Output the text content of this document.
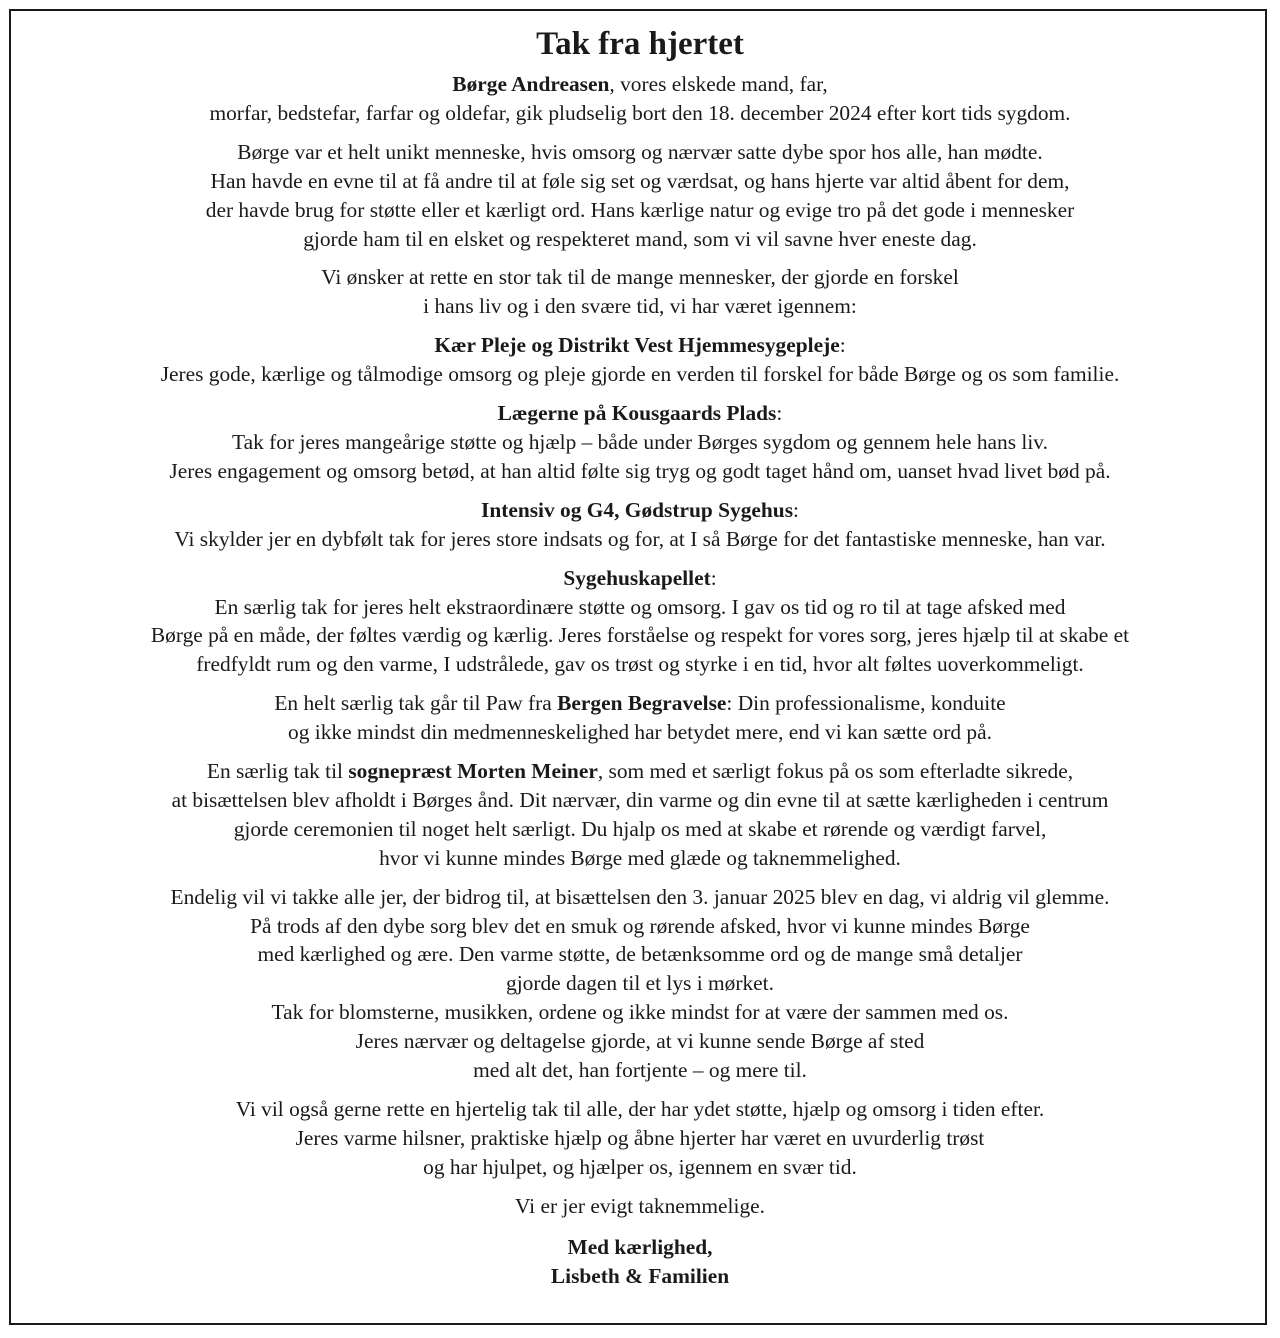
Tak fra hjertet
Børge Andreasen, vores elskede mand, far,
morfar, bedstefar, farfar og oldefar, gik pludselig bort den 18. december 2024 efter kort tids sygdom.
Børge var et helt unikt menneske, hvis omsorg og nærvær satte dybe spor hos alle, han mødte.
Han havde en evne til at få andre til at føle sig set og værdsat, og hans hjerte var altid åbent for dem,
der havde brug for støtte eller et kærligt ord. Hans kærlige natur og evige tro på det gode i mennesker
gjorde ham til en elsket og respekteret mand, som vi vil savne hver eneste dag.
Vi ønsker at rette en stor tak til de mange mennesker, der gjorde en forskel
i hans liv og i den svære tid, vi har været igennem:
Kær Pleje og Distrikt Vest Hjemmesygepleje:
Jeres gode, kærlige og tålmodige omsorg og pleje gjorde en verden til forskel for både Børge og os som familie.
Lægerne på Kousgaards Plads:
Tak for jeres mangeårige støtte og hjælp – både under Børges sygdom og gennem hele hans liv.
Jeres engagement og omsorg betød, at han altid følte sig tryg og godt taget hånd om, uanset hvad livet bød på.
Intensiv og G4, Gødstrup Sygehus:
Vi skylder jer en dybfølt tak for jeres store indsats og for, at I så Børge for det fantastiske menneske, han var.
Sygehuskapellet:
En særlig tak for jeres helt ekstraordinære støtte og omsorg. I gav os tid og ro til at tage afsked med
Børge på en måde, der føltes værdig og kærlig. Jeres forståelse og respekt for vores sorg, jeres hjælp til at skabe et
fredfyldt rum og den varme, I udstrålede, gav os trøst og styrke i en tid, hvor alt føltes uoverkommeligt.
En helt særlig tak går til Paw fra Bergen Begravelse: Din professionalisme, konduite
og ikke mindst din medmenneskelighed har betydet mere, end vi kan sætte ord på.
En særlig tak til sognepræst Morten Meiner, som med et særligt fokus på os som efterladte sikrede,
at bisættelsen blev afholdt i Børges ånd. Dit nærvær, din varme og din evne til at sætte kærligheden i centrum
gjorde ceremonien til noget helt særligt. Du hjalp os med at skabe et rørende og værdigt farvel,
hvor vi kunne mindes Børge med glæde og taknemmelighed.
Endelig vil vi takke alle jer, der bidrog til, at bisættelsen den 3. januar 2025 blev en dag, vi aldrig vil glemme.
På trods af den dybe sorg blev det en smuk og rørende afsked, hvor vi kunne mindes Børge
med kærlighed og ære. Den varme støtte, de betænksomme ord og de mange små detaljer
gjorde dagen til et lys i mørket.
Tak for blomsterne, musikken, ordene og ikke mindst for at være der sammen med os.
Jeres nærvær og deltagelse gjorde, at vi kunne sende Børge af sted
med alt det, han fortjente – og mere til.
Vi vil også gerne rette en hjertelig tak til alle, der har ydet støtte, hjælp og omsorg i tiden efter.
Jeres varme hilsner, praktiske hjælp og åbne hjerter har været en uvurderlig trøst
og har hjulpet, og hjælper os, igennem en svær tid.
Vi er jer evigt taknemmelige.
Med kærlighed,
Lisbeth & Familien
